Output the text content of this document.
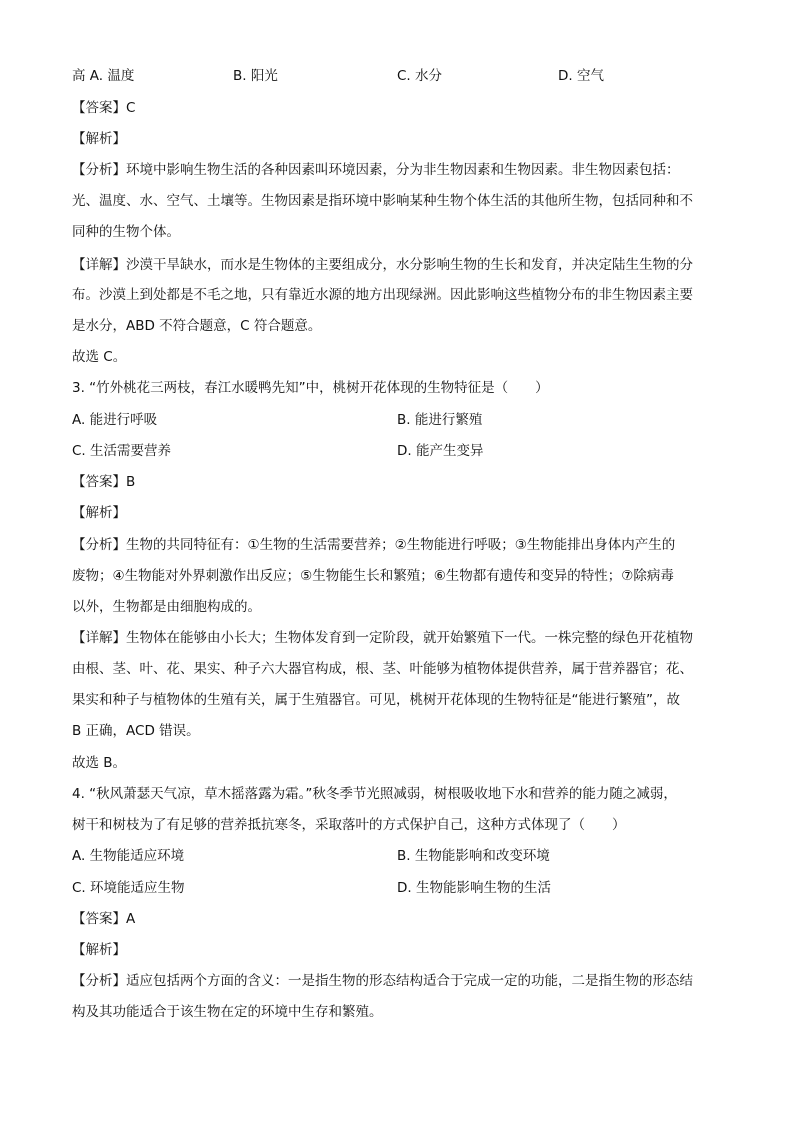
高 A. 温度	B. 阳光	C. 水分	D. 空气
【答案】C
【解析】
【分析】环境中影响生物生活的各种因素叫环境因素，分为非生物因素和生物因素。非生物因素包括：
光、温度、水、空气、土壤等。生物因素是指环境中影响某种生物个体生活的其他所生物，包括同种和不
同种的生物个体。
【详解】沙漠干旱缺水，而水是生物体的主要组成分，水分影响生物的生长和发育，并决定陆生生物的分
布。沙漠上到处都是不毛之地，只有靠近水源的地方出现绿洲。因此影响这些植物分布的非生物因素主要
是水分，ABD 不符合题意，C 符合题意。
故选 C。
3. “竹外桃花三两枝，春江水暖鸭先知”中，桃树开花体现的生物特征是（　　）
A. 能进行呼吸	B. 能进行繁殖
C. 生活需要营养	D. 能产生变异
【答案】B
【解析】
【分析】生物的共同特征有：①生物的生活需要营养；②生物能进行呼吸；③生物能排出身体内产生的
废物；④生物能对外界刺激作出反应；⑤生物能生长和繁殖；⑥生物都有遗传和变异的特性；⑦除病毒
以外，生物都是由细胞构成的。
【详解】生物体在能够由小长大；生物体发育到一定阶段，就开始繁殖下一代。一株完整的绿色开花植物
由根、茎、叶、花、果实、种子六大器官构成，根、茎、叶能够为植物体提供营养，属于营养器官；花、
果实和种子与植物体的生殖有关，属于生殖器官。可见，桃树开花体现的生物特征是“能进行繁殖”，故
B 正确，ACD 错误。
故选 B。
4. “秋风萧瑟天气凉，草木摇落露为霜。”秋冬季节光照减弱，树根吸收地下水和营养的能力随之减弱，
树干和树枝为了有足够的营养抵抗寒冬，采取落叶的方式保护自己，这种方式体现了（　　）
A. 生物能适应环境	B. 生物能影响和改变环境
C. 环境能适应生物	D. 生物能影响生物的生活
【答案】A
【解析】
【分析】适应包括两个方面的含义：一是指生物的形态结构适合于完成一定的功能，二是指生物的形态结
构及其功能适合于该生物在定的环境中生存和繁殖。
